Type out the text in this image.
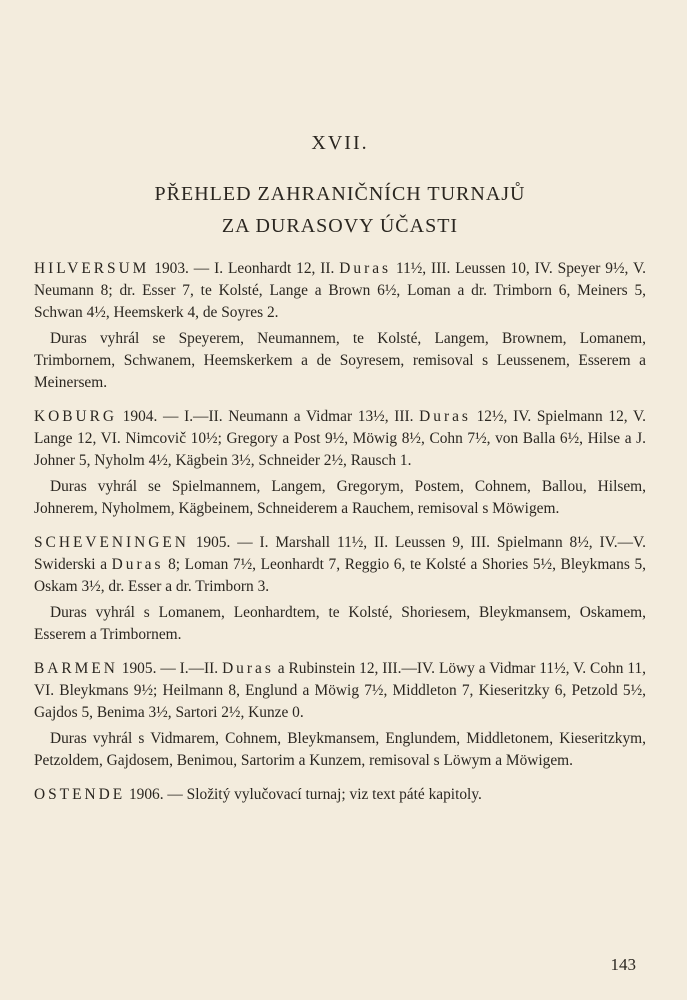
XVII.
PŘEHLED ZAHRANIČNÍCH TURNAJŮ
ZA DURASOVY ÚČASTI

HILVERSUM 1903. — I. Leonhardt 12, II. Duras 11½, III. Leussen 10, IV. Speyer 9½, V. Neumann 8; dr. Esser 7, te Kolsté, Lange a Brown 6½, Loman a dr. Trimborn 6, Meiners 5, Schwan 4½, Heemskerk 4, de Soyres 2.

Duras vyhrál se Speyerem, Neumannem, te Kolsté, Langem, Brownem, Lomanem, Trimbornem, Schwanem, Heemskerkem a de Soyresem, remisoval s Leussenem, Esserem a Meinersem.

KOBURG 1904. — I.—II. Neumann a Vidmar 13½, III. Duras 12½, IV. Spielmann 12, V. Lange 12, VI. Nimcovič 10½; Gregory a Post 9½, Möwig 8½, Cohn 7½, von Balla 6½, Hilse a J. Johner 5, Nyholm 4½, Kägbein 3½, Schneider 2½, Rausch 1.

Duras vyhrál se Spielmannem, Langem, Gregorym, Postem, Cohnem, Ballou, Hilsem, Johnerem, Nyholmem, Kägbeinem, Schneiderem a Rauchem, remisoval s Möwigem.

SCHEVENINGEN 1905. — I. Marshall 11½, II. Leussen 9, III. Spielmann 8½, IV.—V. Swiderski a Duras 8; Loman 7½, Leonhardt 7, Reggio 6, te Kolsté a Shories 5½, Bleykmans 5, Oskam 3½, dr. Esser a dr. Trimborn 3.

Duras vyhrál s Lomanem, Leonhardtem, te Kolsté, Shoriesem, Bleykmansem, Oskamem, Esserem a Trimbornem.

BARMEN 1905. — I.—II. Duras a Rubinstein 12, III.—IV. Löwy a Vidmar 11½, V. Cohn 11, VI. Bleykmans 9½; Heilmann 8, Englund a Möwig 7½, Middleton 7, Kieseritzky 6, Petzold 5½, Gajdos 5, Benima 3½, Sartori 2½, Kunze 0.

Duras vyhrál s Vidmarem, Cohnem, Bleykmansem, Englundem, Middletonem, Kieseritzkym, Petzoldem, Gajdosem, Benimou, Sartorim a Kunzem, remisoval s Löwym a Möwigem.

OSTENDE 1906. — Složitý vylučovací turnaj; viz text páté kapitoly.

143
